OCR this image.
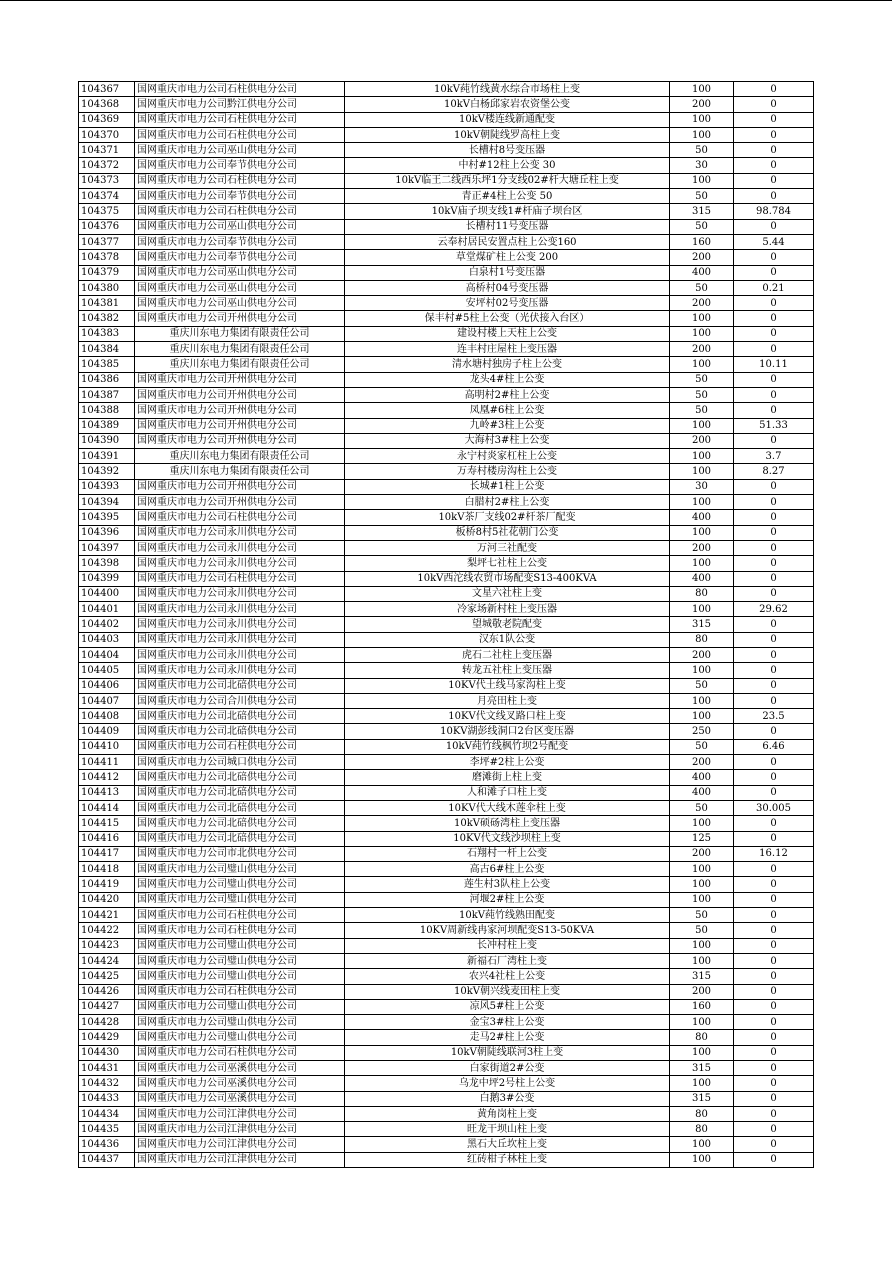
104367	国网重庆市电力公司石柱供电分公司	10kV莼竹线黄水综合市场柱上变	100	0
104368	国网重庆市电力公司黔江供电分公司	10kV白杨邱家岩农资堡公变	200	0
104369	国网重庆市电力公司石柱供电分公司	10kV楼连线新通配变	100	0
104370	国网重庆市电力公司石柱供电分公司	10kV朝陡线罗高柱上变	100	0
104371	国网重庆市电力公司巫山供电分公司	长槽村8号变压器	50	0
104372	国网重庆市电力公司奉节供电分公司	中村#12柱上公变 30	30	0
104373	国网重庆市电力公司石柱供电分公司	10kV临王二线西乐坪1分支线02#杆大塘丘柱上变	100	0
104374	国网重庆市电力公司奉节供电分公司	青正#4柱上公变 50	50	0
104375	国网重庆市电力公司石柱供电分公司	10kV庙子坝支线1#杆庙子坝台区	315	98.784
104376	国网重庆市电力公司巫山供电分公司	长槽村11号变压器	50	0
104377	国网重庆市电力公司奉节供电分公司	云奉村居民安置点柱上公变160	160	5.44
104378	国网重庆市电力公司奉节供电分公司	草堂煤矿柱上公变 200	200	0
104379	国网重庆市电力公司巫山供电分公司	白泉村1号变压器	400	0
104380	国网重庆市电力公司巫山供电分公司	高桥村04号变压器	50	0.21
104381	国网重庆市电力公司巫山供电分公司	安坪村02号变压器	200	0
104382	国网重庆市电力公司开州供电分公司	保丰村#5柱上公变（光伏接入台区）	100	0
104383	重庆川东电力集团有限责任公司	建设村楼上天柱上公变	100	0
104384	重庆川东电力集团有限责任公司	连丰村庄屋柱上变压器	200	0
104385	重庆川东电力集团有限责任公司	清水塘村独房子柱上公变	100	10.11
104386	国网重庆市电力公司开州供电分公司	龙头4#柱上公变	50	0
104387	国网重庆市电力公司开州供电分公司	高明村2#柱上公变	50	0
104388	国网重庆市电力公司开州供电分公司	凤凰#6柱上公变	50	0
104389	国网重庆市电力公司开州供电分公司	九岭#3柱上公变	100	51.33
104390	国网重庆市电力公司开州供电分公司	大海村3#柱上公变	200	0
104391	重庆川东电力集团有限责任公司	永宁村炎家杠柱上公变	100	3.7
104392	重庆川东电力集团有限责任公司	万寿村楼房沟柱上公变	100	8.27
104393	国网重庆市电力公司开州供电分公司	长城#1柱上公变	30	0
104394	国网重庆市电力公司开州供电分公司	白腊村2#柱上公变	100	0
104395	国网重庆市电力公司石柱供电分公司	10kV茶厂支线02#杆茶厂配变	400	0
104396	国网重庆市电力公司永川供电分公司	板桥8村5社花朝门公变	100	0
104397	国网重庆市电力公司永川供电分公司	万河三社配变	200	0
104398	国网重庆市电力公司永川供电分公司	梨坪七社柱上公变	100	0
104399	国网重庆市电力公司石柱供电分公司	10kV西沱线农贸市场配变S13-400KVA	400	0
104400	国网重庆市电力公司永川供电分公司	文星六社柱上变	80	0
104401	国网重庆市电力公司永川供电分公司	冷家场新村柱上变压器	100	29.62
104402	国网重庆市电力公司永川供电分公司	望城敬老院配变	315	0
104403	国网重庆市电力公司永川供电分公司	汉东1队公变	80	0
104404	国网重庆市电力公司永川供电分公司	虎石二社柱上变压器	200	0
104405	国网重庆市电力公司永川供电分公司	转龙五社柱上变压器	100	0
104406	国网重庆市电力公司北碚供电分公司	10KV代土线马家沟柱上变	50	0
104407	国网重庆市电力公司合川供电分公司	月亮田柱上变	100	0
104408	国网重庆市电力公司北碚供电分公司	10KV代文线叉路口柱上变	100	23.5
104409	国网重庆市电力公司北碚供电分公司	10KV湖彭线洞口2台区变压器	250	0
104410	国网重庆市电力公司石柱供电分公司	10kV莼竹线枫竹坝2号配变	50	6.46
104411	国网重庆市电力公司城口供电分公司	李坪#2柱上公变	200	0
104412	国网重庆市电力公司北碚供电分公司	磨滩街上柱上变	400	0
104413	国网重庆市电力公司北碚供电分公司	人和滩子口柱上变	400	0
104414	国网重庆市电力公司北碚供电分公司	10KV代大线木莲伞柱上变	50	30.005
104415	国网重庆市电力公司北碚供电分公司	10kV硕砀湾柱上变压器	100	0
104416	国网重庆市电力公司北碚供电分公司	10KV代文线沙坝柱上变	125	0
104417	国网重庆市电力公司市北供电分公司	石翔村一杆上公变	200	16.12
104418	国网重庆市电力公司璧山供电分公司	高古6#柱上公变	100	0
104419	国网重庆市电力公司璧山供电分公司	莲生村3队柱上公变	100	0
104420	国网重庆市电力公司璧山供电分公司	河堰2#柱上公变	100	0
104421	国网重庆市电力公司石柱供电分公司	10kV莼竹线熟田配变	50	0
104422	国网重庆市电力公司石柱供电分公司	10KV周新线冉家河坝配变S13-50KVA	50	0
104423	国网重庆市电力公司璧山供电分公司	长冲村柱上变	100	0
104424	国网重庆市电力公司璧山供电分公司	新福石厂湾柱上变	100	0
104425	国网重庆市电力公司璧山供电分公司	农兴4社柱上公变	315	0
104426	国网重庆市电力公司石柱供电分公司	10kV朝兴线麦田柱上变	200	0
104427	国网重庆市电力公司璧山供电分公司	凉风5#柱上公变	160	0
104428	国网重庆市电力公司璧山供电分公司	金宝3#柱上公变	100	0
104429	国网重庆市电力公司璧山供电分公司	走马2#柱上公变	80	0
104430	国网重庆市电力公司石柱供电分公司	10kV朝陡线联河3柱上变	100	0
104431	国网重庆市电力公司巫溪供电分公司	白家街道2#公变	315	0
104432	国网重庆市电力公司巫溪供电分公司	乌龙中坪2号柱上公变	100	0
104433	国网重庆市电力公司巫溪供电分公司	白鹅3#公变	315	0
104434	国网重庆市电力公司江津供电分公司	黄角岗柱上变	80	0
104435	国网重庆市电力公司江津供电分公司	旺龙干坝山柱上变	80	0
104436	国网重庆市电力公司江津供电分公司	黑石大丘坎柱上变	100	0
104437	国网重庆市电力公司江津供电分公司	红砖柑子林柱上变	100	0
